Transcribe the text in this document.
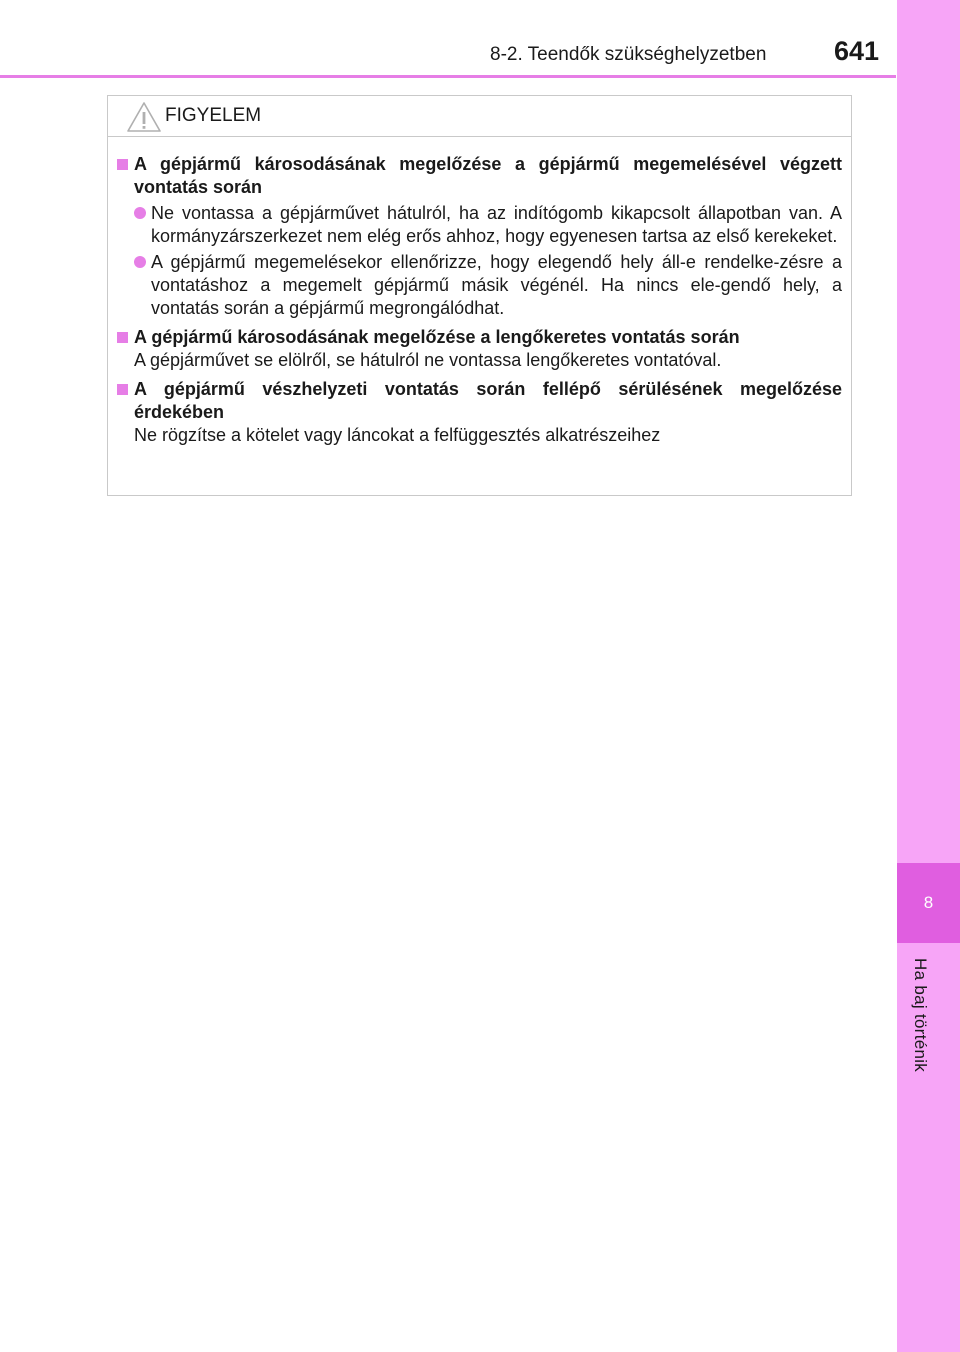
8-2. Teendők szükséghelyzetben	641
8
Ha baj történik
FIGYELEM
A gépjármű károsodásának megelőzése a gépjármű megemelésével végzett vontatás során
Ne vontassa a gépjárművet hátulról, ha az indítógomb kikapcsolt állapotban van. A kormányzárszerkezet nem elég erős ahhoz, hogy egyenesen tartsa az első kerekeket.
A gépjármű megemelésekor ellenőrizze, hogy elegendő hely áll-e rendelke-zésre a vontatáshoz a megemelt gépjármű másik végénél. Ha nincs ele-gendő hely, a vontatás során a gépjármű megrongálódhat.
A gépjármű károsodásának megelőzése a lengőkeretes vontatás során
A gépjárművet se elölről, se hátulról ne vontassa lengőkeretes vontatóval.
A gépjármű vészhelyzeti vontatás során fellépő sérülésének megelőzése érdekében
Ne rögzítse a kötelet vagy láncokat a felfüggesztés alkatrészeihez
